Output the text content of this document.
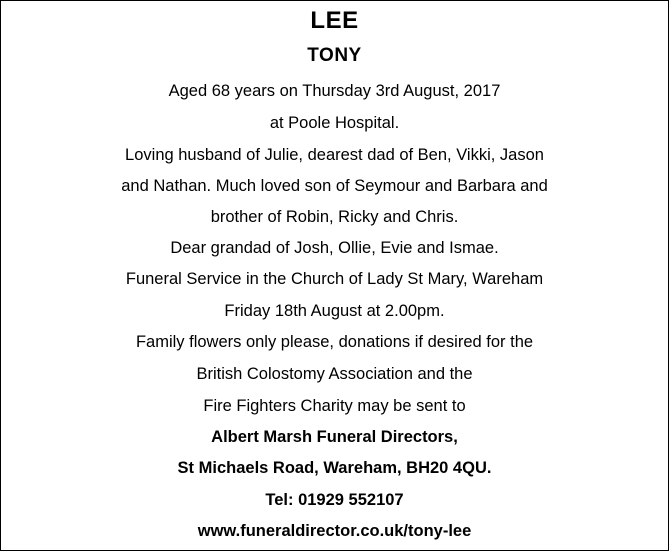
LEE
TONY
Aged 68 years on Thursday 3rd August, 2017
at Poole Hospital.
Loving husband of Julie, dearest dad of Ben, Vikki, Jason
and Nathan. Much loved son of Seymour and Barbara and
brother of Robin, Ricky and Chris.
Dear grandad of Josh, Ollie, Evie and Ismae.
Funeral Service in the Church of Lady St Mary, Wareham
Friday 18th August at 2.00pm.
Family flowers only please, donations if desired for the
British Colostomy Association and the
Fire Fighters Charity may be sent to
Albert Marsh Funeral Directors,
St Michaels Road, Wareham, BH20 4QU.
Tel: 01929 552107
www.funeraldirector.co.uk/tony-lee
